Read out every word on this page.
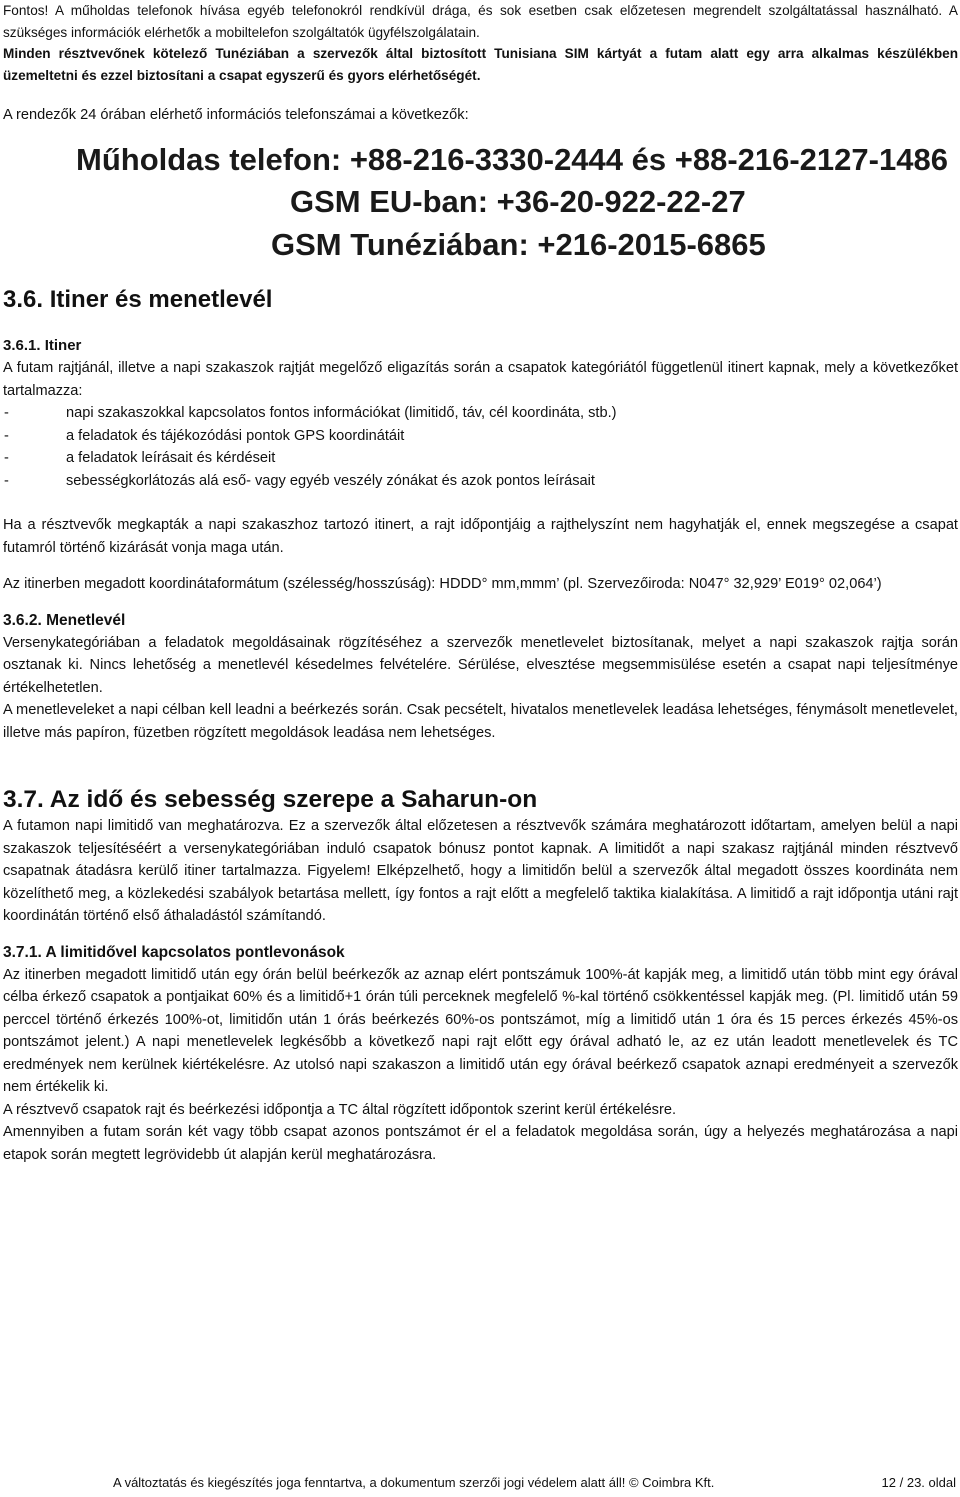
Fontos! A műholdas telefonok hívása egyéb telefonokról rendkívül drága, és sok esetben csak előzetesen megrendelt szolgáltatással használható. A szükséges információk elérhetők a mobiltelefon szolgáltatók ügyfélszolgálatain.

Minden résztvevőnek kötelező Tunéziában a szervezők által biztosított Tunisiana SIM kártyát a futam alatt egy arra alkalmas készülékben üzemeltetni és ezzel biztosítani a csapat egyszerű és gyors elérhetőségét.

A rendezők 24 órában elérhető információs telefonszámai a következők:

Műholdas telefon: +88-216-3330-2444 és +88-216-2127-1486
GSM EU-ban: +36-20-922-22-27
GSM Tunéziában: +216-2015-6865
3.6. Itiner és menetlevél
3.6.1. Itiner

A futam rajtjánál, illetve a napi szakaszok rajtját megelőző eligazítás során a csapatok kategóriától függetlenül itinert kapnak, mely a következőket tartalmazza:

-	napi szakaszokkal kapcsolatos fontos információkat (limitidő, táv, cél koordináta, stb.)
-	a feladatok és tájékozódási pontok GPS koordinátáit
-	a feladatok leírásait és kérdéseit
-	sebességkorlátozás alá eső- vagy egyéb veszély zónákat és azok pontos leírásait

Ha a résztvevők megkapták a napi szakaszhoz tartozó itinert, a rajt időpontjáig a rajthelyszínt nem hagyhatják el, ennek megszegése a csapat futamról történő kizárását vonja maga után.

Az itinerben megadott koordinátaformátum (szélesség/hosszúság): HDDD° mm,mmm’ (pl. Szervezőiroda: N047° 32,929’ E019° 02,064’)

3.6.2. Menetlevél

Versenykategóriában a feladatok megoldásainak rögzítéséhez a szervezők menetlevelet biztosítanak, melyet a napi szakaszok rajtja során osztanak ki. Nincs lehetőség a menetlevél késedelmes felvételére. Sérülése, elvesztése megsemmisülése esetén a csapat napi teljesítménye értékelhetetlen.

A menetleveleket a napi célban kell leadni a beérkezés során. Csak pecsételt, hivatalos menetlevelek leadása lehetséges, fénymásolt menetlevelet, illetve más papíron, füzetben rögzített megoldások leadása nem lehetséges.

3.7. Az idő és sebesség szerepe a Saharun-on

A futamon napi limitidő van meghatározva. Ez a szervezők által előzetesen a résztvevők számára meghatározott időtartam, amelyen belül a napi szakaszok teljesítéséért a versenykategóriában induló csapatok bónusz pontot kapnak. A limitidőt a napi szakasz rajtjánál minden résztvevő csapatnak átadásra kerülő itiner tartalmazza. Figyelem! Elképzelhető, hogy a limitidőn belül a szervezők által megadott összes koordináta nem közelíthető meg, a közlekedési szabályok betartása mellett, így fontos a rajt előtt a megfelelő taktika kialakítása. A limitidő a rajt időpontja utáni rajt koordinátán történő első áthaladástól számítandó.

3.7.1. A limitidővel kapcsolatos pontlevonások

Az itinerben megadott limitidő után egy órán belül beérkezők az aznap elért pontszámuk 100%-át kapják meg, a limitidő után több mint egy órával célba érkező csapatok a pontjaikat 60% és a limitidő+1 órán túli perceknek megfelelő %-kal történő csökkentéssel kapják meg. (Pl. limitidő után 59 perccel történő érkezés 100%-ot, limitidőn után 1 órás beérkezés 60%-os pontszámot, míg a limitidő után 1 óra és 15 perces érkezés 45%-os pontszámot jelent.) A napi menetlevelek legkésőbb a következő napi rajt előtt egy órával adható le, az ez után leadott menetlevelek és TC eredmények nem kerülnek kiértékelésre. Az utolsó napi szakaszon a limitidő után egy órával beérkező csapatok aznapi eredményeit a szervezők nem értékelik ki.

A résztvevő csapatok rajt és beérkezési időpontja a TC által rögzített időpontok szerint kerül értékelésre.

Amennyiben a futam során két vagy több csapat azonos pontszámot ér el a feladatok megoldása során, úgy a helyezés meghatározása a napi etapok során megtett legrövidebb út alapján kerül meghatározásra.

A változtatás és kiegészítés joga fenntartva, a dokumentum szerzői jogi védelem alatt áll! © Coimbra Kft.	12 / 23. oldal
